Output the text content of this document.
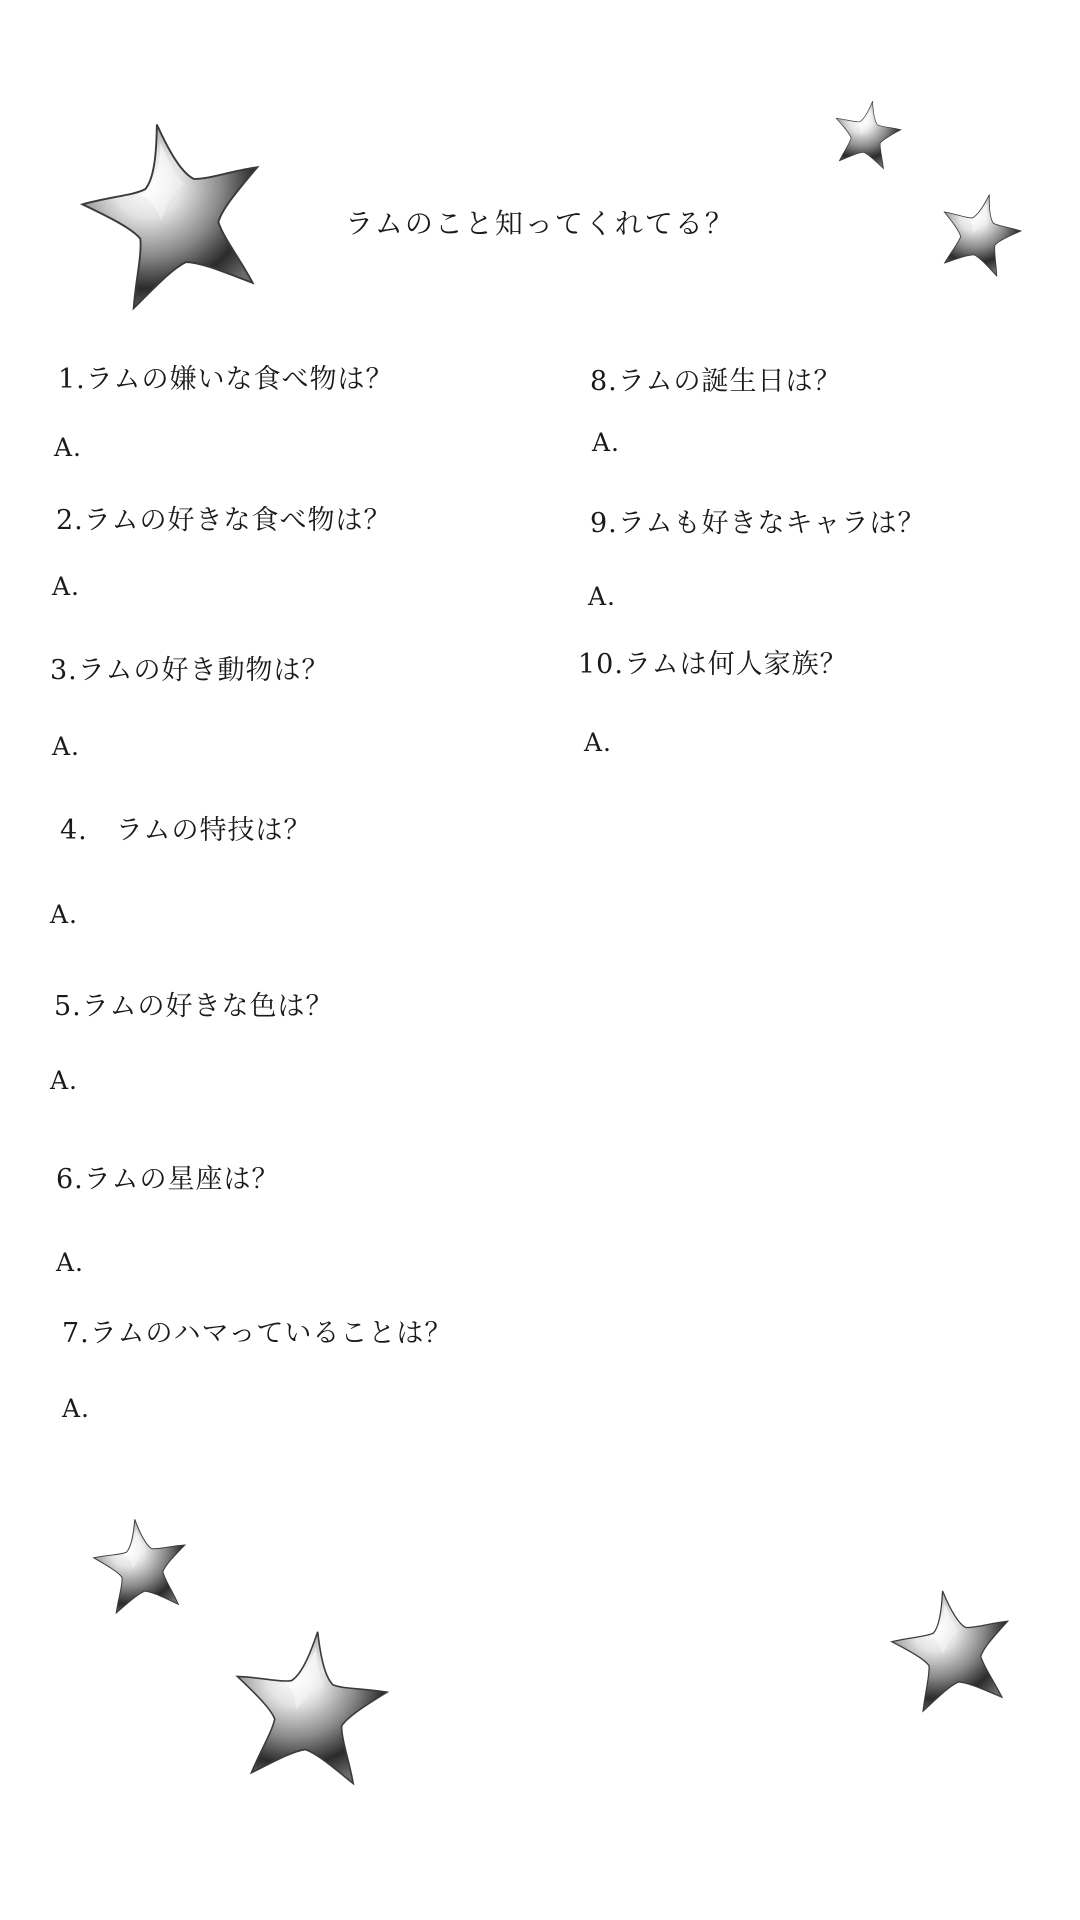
ラムのこと知ってくれてる？
1.ラムの嫌いな食べ物は？
A.
2.ラムの好きな食べ物は？
A.
3.ラムの好き動物は？
A.
4.　ラムの特技は？
A.
5.ラムの好きな色は？
A.
6.ラムの星座は？
A.
7.ラムのハマっていることは？
A.
8.ラムの誕生日は？
A.
9.ラムも好きなキャラは？
A.
10.ラムは何人家族？
A.
